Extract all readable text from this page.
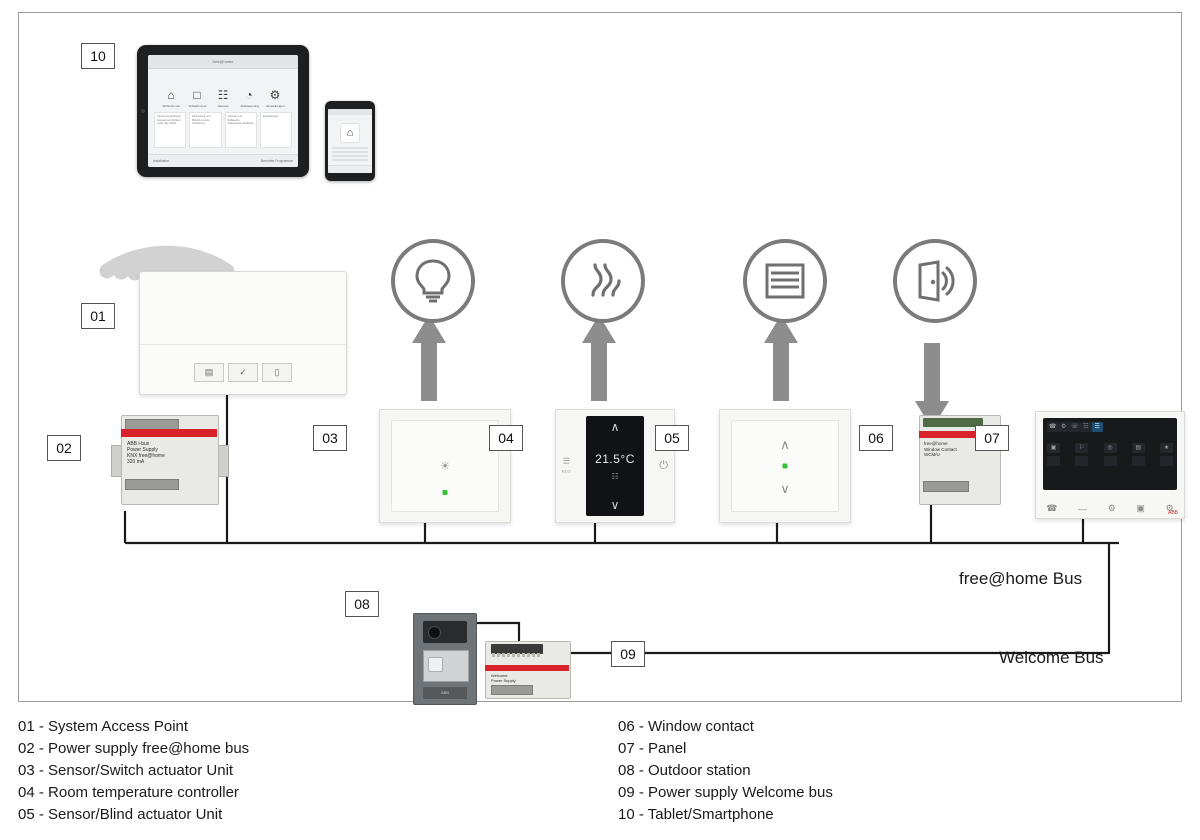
10
01
02
03	04	05	06	07
08
09
free@home
⌂
Wohnzimmer
□
Schlafzimmer
☷
Jalousie
◔
Zeitsteuerung
⚙
Einstellungen
Steuerung beliebiger Geraete komfortabel ueber das Tablet
Einbindung und Betrieb smarter Funktionen
Jalousie und Rolllaeden zeitgesteuert bedienen
Einstellungen
Installation	Benutzte Programme
⌂
▤	✓	▯
ABB i-bus
Power Supply
KNX free@home
320 mA	☀	☰
ECO	⏻
∧
21.5°C
☷
∨
∧
∨
free@home
Window Contact
WCM/U
☎ ⚙ ☏ ☷ ☰ developer
▣	⚐	◎	▤	★
☎ — ⚙ ▣ ⚙
ABB
ABB
Welcome
Power Supply
free@home Bus
Welcome Bus
01 - System Access Point
02 - Power supply free@home bus
03 - Sensor/Switch actuator Unit
04 - Room temperature controller
05 - Sensor/Blind actuator Unit
06 - Window contact
07 - Panel
08 - Outdoor station
09 - Power supply Welcome bus
10 - Tablet/Smartphone
